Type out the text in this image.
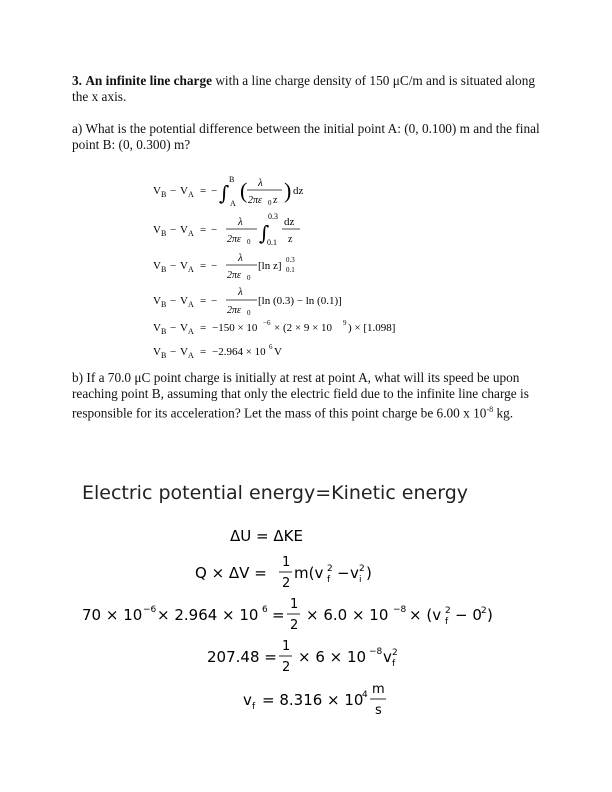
3. An infinite line charge with a line charge density of 150 μC/m and is situated along the x axis.
a) What is the potential difference between the initial point A: (0, 0.100) m and the final point B: (0, 0.300) m?
V B − V A = − ∫
B
A
( λ
2πε 0 z ) dz
V B − V A = −
λ
2πε 0 ∫
0.3
0.1
dz
z
V B − V A = −
λ
2πε 0
[ln z] 0.3
0.1
V B − V A = −
λ
2πε 0
[ln (0.3) − ln (0.1)]
V B − V A = −150 × 10 −6 × (2 × 9 × 10 9 ) × [1.098]
V B − V A = −2.964 × 10 6 V
b) If a 70.0 μC point charge is initially at rest at point A, what will its speed be upon reaching point B, assuming that only the electric field due to the infinite line charge is responsible for its acceleration? Let the mass of this point charge be 6.00 x $10^{-8}$ kg.
Electric potential energy=Kinetic energy
ΔU = ΔKE
Q × ΔV =
1
2
m(v f
2 − v i
2 )
70 × 10 −6 × 2.964 × 10 6 =
1
2
× 6.0 × 10 −8 × (v f
2 − 0 2 )
207.48 =
1
2
× 6 × 10 −8 v f
2
v f = 8.316 × 10
4 m
s
